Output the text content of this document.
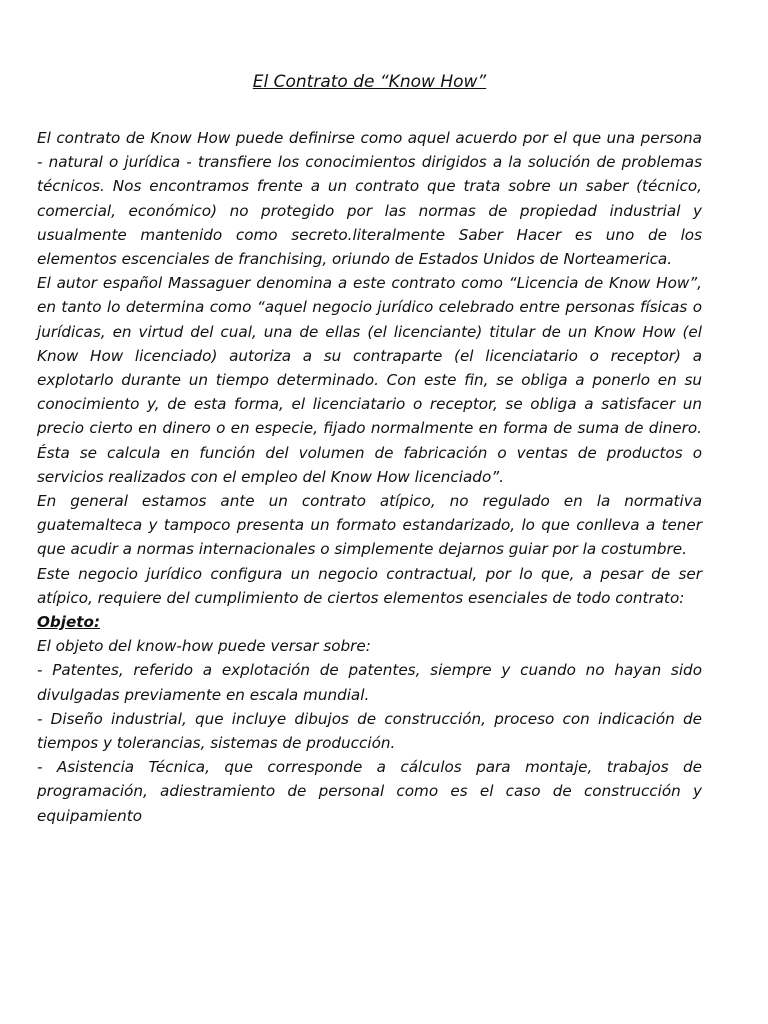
El Contrato de “Know How”

El contrato de Know How puede definirse como aquel acuerdo por el que una persona - natural o jurídica - transfiere los conocimientos dirigidos a la solución de problemas técnicos. Nos encontramos frente a un contrato que trata sobre un saber (técnico, comercial, económico) no protegido por las normas de propiedad industrial y usualmente mantenido como secreto.literalmente Saber Hacer es uno de los elementos escenciales de franchising, oriundo de Estados Unidos de Norteamerica.

El autor español Massaguer denomina a este contrato como “Licencia de Know How”, en tanto lo determina como “aquel negocio jurídico celebrado entre personas físicas o jurídicas, en virtud del cual, una de ellas (el licenciante) titular de un Know How (el Know How licenciado) autoriza a su contraparte (el licenciatario o receptor) a explotarlo durante un tiempo determinado. Con este fin, se obliga a ponerlo en su conocimiento y, de esta forma, el licenciatario o receptor, se obliga a satisfacer un precio cierto en dinero o en especie, fijado normalmente en forma de suma de dinero. Ésta se calcula en función del volumen de fabricación o ventas de productos o servicios realizados con el empleo del Know How licenciado”.

En general estamos ante un contrato atípico, no regulado en la normativa guatemalteca y tampoco presenta un formato estandarizado, lo que conlleva a tener que acudir a normas internacionales o simplemente dejarnos guiar por la costumbre.

Este negocio jurídico configura un negocio contractual, por lo que, a pesar de ser atípico, requiere del cumplimiento de ciertos elementos esenciales de todo contrato:

Objeto:

El objeto del know-how puede versar sobre:

- Patentes, referido a explotación de patentes, siempre y cuando no hayan sido divulgadas previamente en escala mundial.

- Diseño industrial, que incluye dibujos de construcción, proceso con indicación de tiempos y tolerancias, sistemas de producción.

- Asistencia Técnica, que corresponde a cálculos para montaje, trabajos de programación, adiestramiento de personal como es el caso de construcción y equipamiento
